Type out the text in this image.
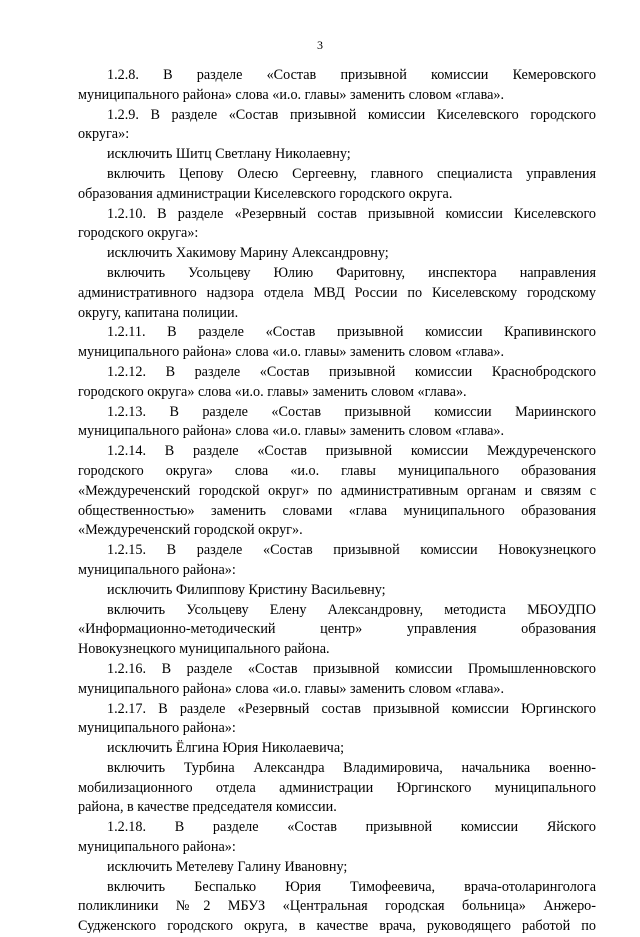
3
1.2.8. В разделе «Состав призывной комиссии Кемеровского
муниципального района» слова «и.о. главы» заменить словом «глава».
1.2.9. В разделе «Состав призывной комиссии Киселевского городского
округа»:
исключить Шитц Светлану Николаевну;
включить Цепову Олесю Сергеевну, главного специалиста управления
образования администрации Киселевского городского округа.
1.2.10. В разделе «Резервный состав призывной комиссии Киселевского
городского округа»:
исключить Хакимову Марину Александровну;
включить Усольцеву Юлию Фаритовну, инспектора направления
административного надзора отдела МВД России по Киселевскому городскому
округу, капитана полиции.
1.2.11. В разделе «Состав призывной комиссии Крапивинского
муниципального района» слова «и.о. главы» заменить словом «глава».
1.2.12. В разделе «Состав призывной комиссии Краснобродского
городского округа» слова «и.о. главы» заменить словом «глава».
1.2.13. В разделе «Состав призывной комиссии Мариинского
муниципального района» слова «и.о. главы» заменить словом «глава».
1.2.14. В разделе «Состав призывной комиссии Междуреченского
городского округа» слова «и.о. главы муниципального образования
«Междуреченский городской округ» по административным органам и связям с
общественностью» заменить словами «глава муниципального образования
«Междуреченский городской округ».
1.2.15. В разделе «Состав призывной комиссии Новокузнецкого
муниципального района»:
исключить Филиппову Кристину Васильевну;
включить Усольцеву Елену Александровну, методиста МБОУДПО
«Информационно-методический центр» управления образования
Новокузнецкого муниципального района.
1.2.16. В разделе «Состав призывной комиссии Промышленновского
муниципального района» слова «и.о. главы» заменить словом «глава».
1.2.17. В разделе «Резервный состав призывной комиссии Юргинского
муниципального района»:
исключить Ёлгина Юрия Николаевича;
включить Турбина Александра Владимировича, начальника военно-
мобилизационного отдела администрации Юргинского муниципального
района, в качестве председателя комиссии.
1.2.18. В разделе «Состав призывной комиссии Яйского
муниципального района»:
исключить Метелеву Галину Ивановну;
включить Беспалько Юрия Тимофеевича, врача-отоларинголога
поликлиники №2 МБУЗ «Центральная городская больница» Анжеро-
Судженского городского округа, в качестве врача, руководящего работой по
